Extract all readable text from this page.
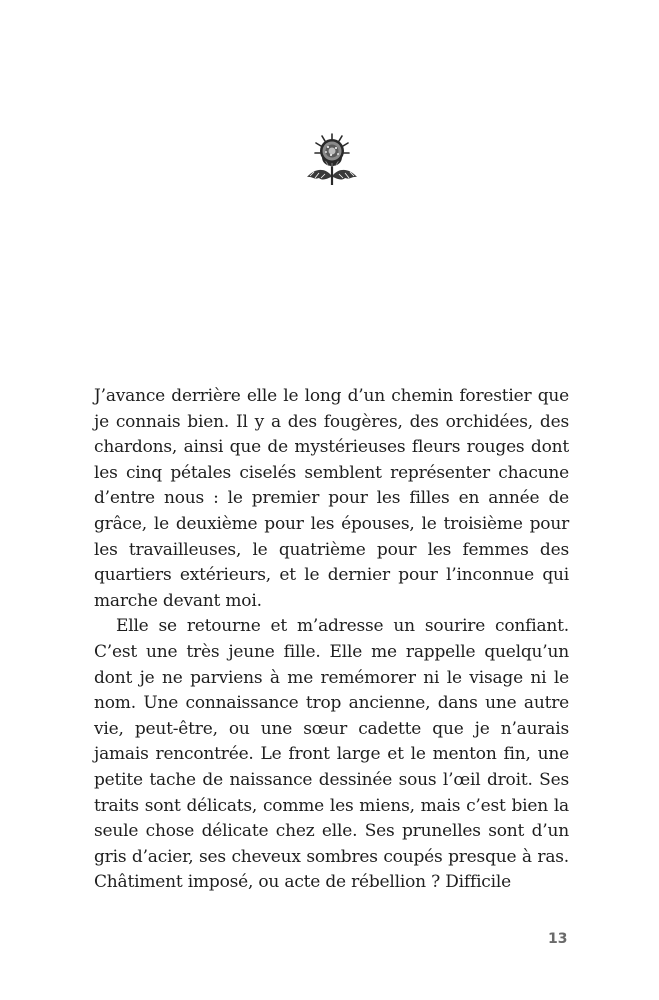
J’avance derrière elle le long d’un chemin forestier que je connais bien. Il y a des fougères, des orchidées, des chardons, ainsi que de mystérieuses fleurs rouges dont les cinq pétales ciselés semblent représenter chacune d’entre nous : le premier pour les filles en année de grâce, le deuxième pour les épouses, le troisième pour les travailleuses, le quatrième pour les femmes des quartiers extérieurs, et le dernier pour l’inconnue qui marche devant moi.

Elle se retourne et m’adresse un sourire confiant. C’est une très jeune fille. Elle me rappelle quelqu’un dont je ne parviens à me remémorer ni le visage ni le nom. Une connaissance trop ancienne, dans une autre vie, peut-être, ou une sœur cadette que je n’aurais jamais rencontrée. Le front large et le menton fin, une petite tache de naissance dessinée sous l’œil droit. Ses traits sont délicats, comme les miens, mais c’est bien la seule chose délicate chez elle. Ses prunelles sont d’un gris d’acier, ses cheveux sombres coupés presque à ras. Châtiment imposé, ou acte de rébellion ? Difficile

13
